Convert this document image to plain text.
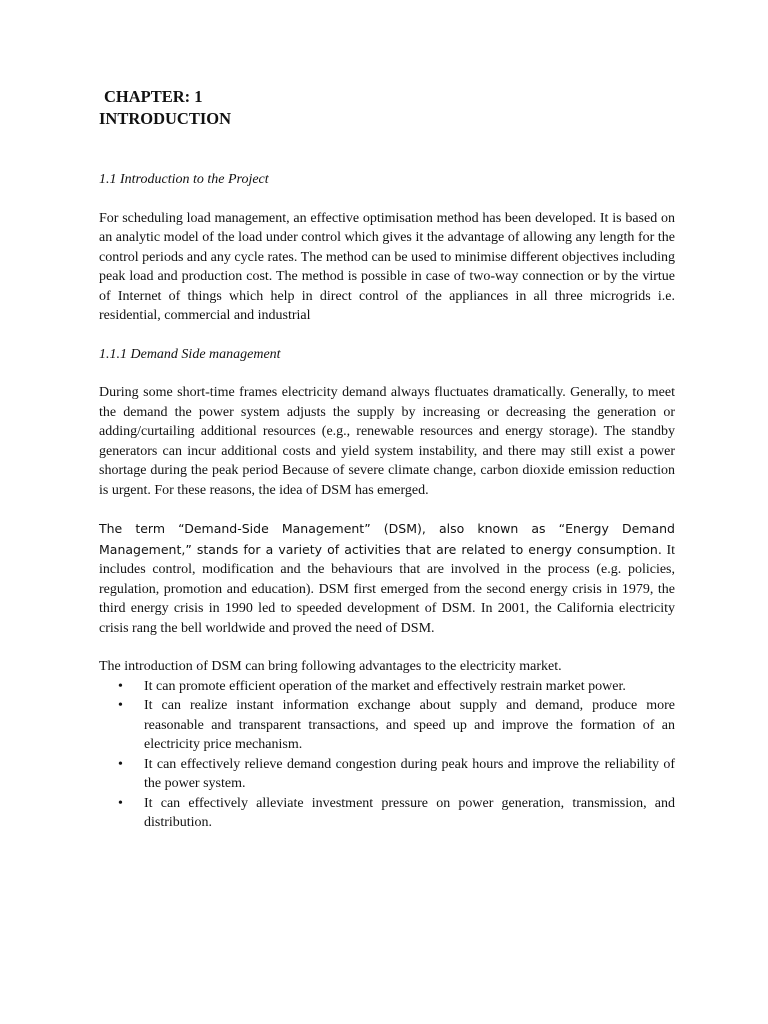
CHAPTER: 1
INTRODUCTION
1.1 Introduction to the Project

For scheduling load management, an effective optimisation method has been developed. It is based on an analytic model of the load under control which gives it the advantage of allowing any length for the control periods and any cycle rates. The method can be used to minimise different objectives including peak load and production cost. The method is possible in case of two-way connection or by the virtue of Internet of things which help in direct control of the appliances in all three microgrids i.e. residential, commercial and industrial

1.1.1 Demand Side management

During some short-time frames electricity demand always fluctuates dramatically. Generally, to meet the demand the power system adjusts the supply by increasing or decreasing the generation or adding/curtailing additional resources (e.g., renewable resources and energy storage). The standby generators can incur additional costs and yield system instability, and there may still exist a power shortage during the peak period Because of severe climate change, carbon dioxide emission reduction is urgent. For these reasons, the idea of DSM has emerged.

The term “Demand-Side Management” (DSM), also known as “Energy Demand Management,” stands for a variety of activities that are related to energy consumption. It includes control, modification and the behaviours that are involved in the process (e.g. policies, regulation, promotion and education). DSM first emerged from the second energy crisis in 1979, the third energy crisis in 1990 led to speeded development of DSM. In 2001, the California electricity crisis rang the bell worldwide and proved the need of DSM.

The introduction of DSM can bring following advantages to the electricity market.

• It can promote efficient operation of the market and effectively restrain market power.
• It can realize instant information exchange about supply and demand, produce more reasonable and transparent transactions, and speed up and improve the formation of an electricity price mechanism.
• It can effectively relieve demand congestion during peak hours and improve the reliability of the power system.
• It can effectively alleviate investment pressure on power generation, transmission, and distribution.
